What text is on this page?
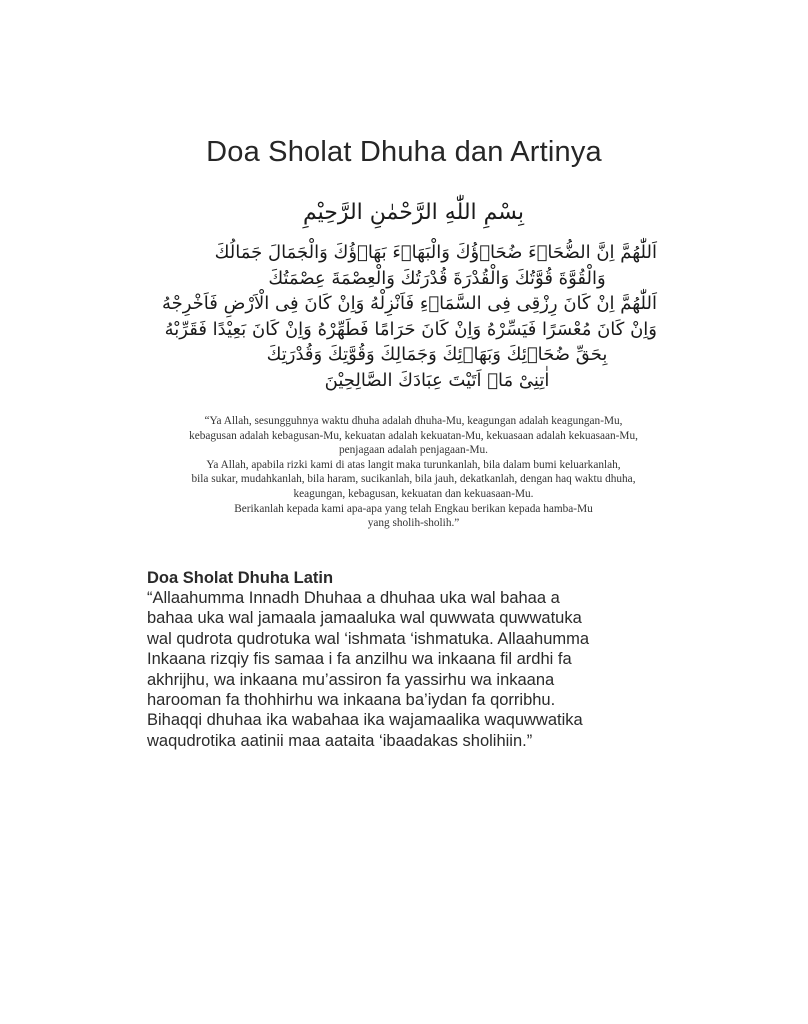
Doa Sholat Dhuha dan Artinya
بِسْمِ اللّٰهِ الرَّحْمٰنِ الرَّحِيْمِ
اَللّٰهُمَّ اِنَّ الضُّحَاۤءَ ضُحَاۤؤُكَ وَالْبَهَاۤءَ بَهَاۤؤُكَ وَالْجَمَالَ جَمَالُكَ
وَالْقُوَّةَ قُوَّتُكَ وَالْقُدْرَةَ قُدْرَتُكَ وَالْعِصْمَةَ عِصْمَتُكَ
اَللّٰهُمَّ اِنْ كَانَ رِزْقِى فِى السَّمَاۤءِ فَاَنْزِلْهُ وَاِنْ كَانَ فِى الْاَرْضِ فَاَخْرِجْهُ
وَاِنْ كَانَ مُعْسَرًا فَيَسِّرْهُ وَاِنْ كَانَ حَرَامًا فَطَهِّرْهُ وَاِنْ كَانَ بَعِيْدًا فَقَرِّبْهُ
بِحَقِّ ضُحَاۤئِكَ وَبَهَاۤئِكَ وَجَمَالِكَ وَقُوَّتِكَ وَقُدْرَتِكَ
اٰتِنِىْ مَاۤ اَتَيْتَ عِبَادَكَ الصَّالِحِيْنَ
“Ya Allah, sesungguhnya waktu dhuha adalah dhuha-Mu, keagungan adalah keagungan-Mu,
kebagusan adalah kebagusan-Mu, kekuatan adalah kekuatan-Mu, kekuasaan adalah kekuasaan-Mu,
penjagaan adalah penjagaan-Mu.
Ya Allah, apabila rizki kami di atas langit maka turunkanlah, bila dalam bumi keluarkanlah,
bila sukar, mudahkanlah, bila haram, sucikanlah, bila jauh, dekatkanlah, dengan haq waktu dhuha,
keagungan, kebagusan, kekuatan dan kekuasaan-Mu.
Berikanlah kepada kami apa-apa yang telah Engkau berikan kepada hamba-Mu
yang sholih-sholih.”
Doa Sholat Dhuha Latin
“Allaahumma Innadh Dhuhaa a dhuhaa uka wal bahaa a
bahaa uka wal jamaala jamaaluka wal quwwata quwwatuka
wal qudrota qudrotuka wal ‘ishmata ‘ishmatuka. Allaahumma
Inkaana rizqiy fis samaa i fa anzilhu wa inkaana fil ardhi fa
akhrijhu, wa inkaana mu’assiron fa yassirhu wa inkaana
harooman fa thohhirhu wa inkaana ba’iydan fa qorribhu.
Bihaqqi dhuhaa ika wabahaa ika wajamaalika waquwwatika
waqudrotika aatinii maa aataita ‘ibaadakas sholihiin.”
